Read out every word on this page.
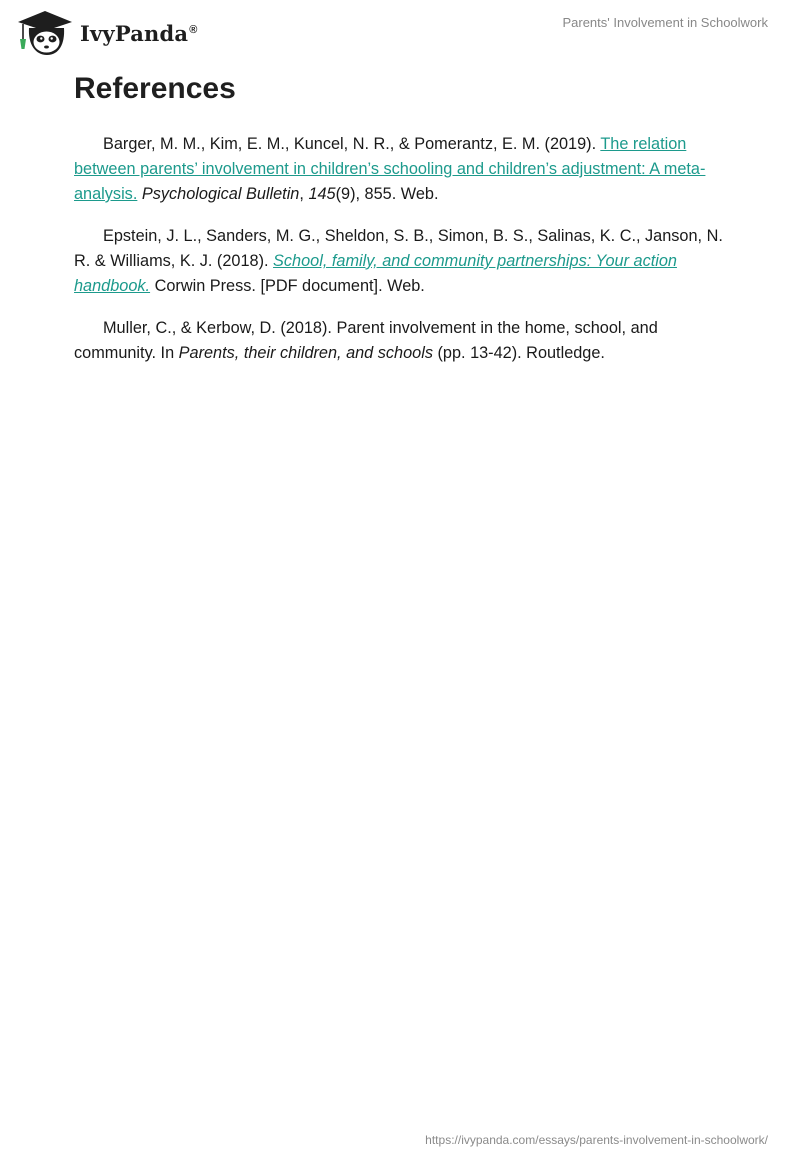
IvyPanda®	Parents' Involvement in Schoolwork
References

Barger, M. M., Kim, E. M., Kuncel, N. R., & Pomerantz, E. M. (2019). The relation between parents’ involvement in children’s schooling and children’s adjustment: A meta-analysis. Psychological Bulletin, 145(9), 855. Web.

Epstein, J. L., Sanders, M. G., Sheldon, S. B., Simon, B. S., Salinas, K. C., Janson, N. R. & Williams, K. J. (2018). School, family, and community partnerships: Your action handbook. Corwin Press. [PDF document]. Web.

Muller, C., & Kerbow, D. (2018). Parent involvement in the home, school, and community. In Parents, their children, and schools (pp. 13-42). Routledge.

https://ivypanda.com/essays/parents-involvement-in-schoolwork/
